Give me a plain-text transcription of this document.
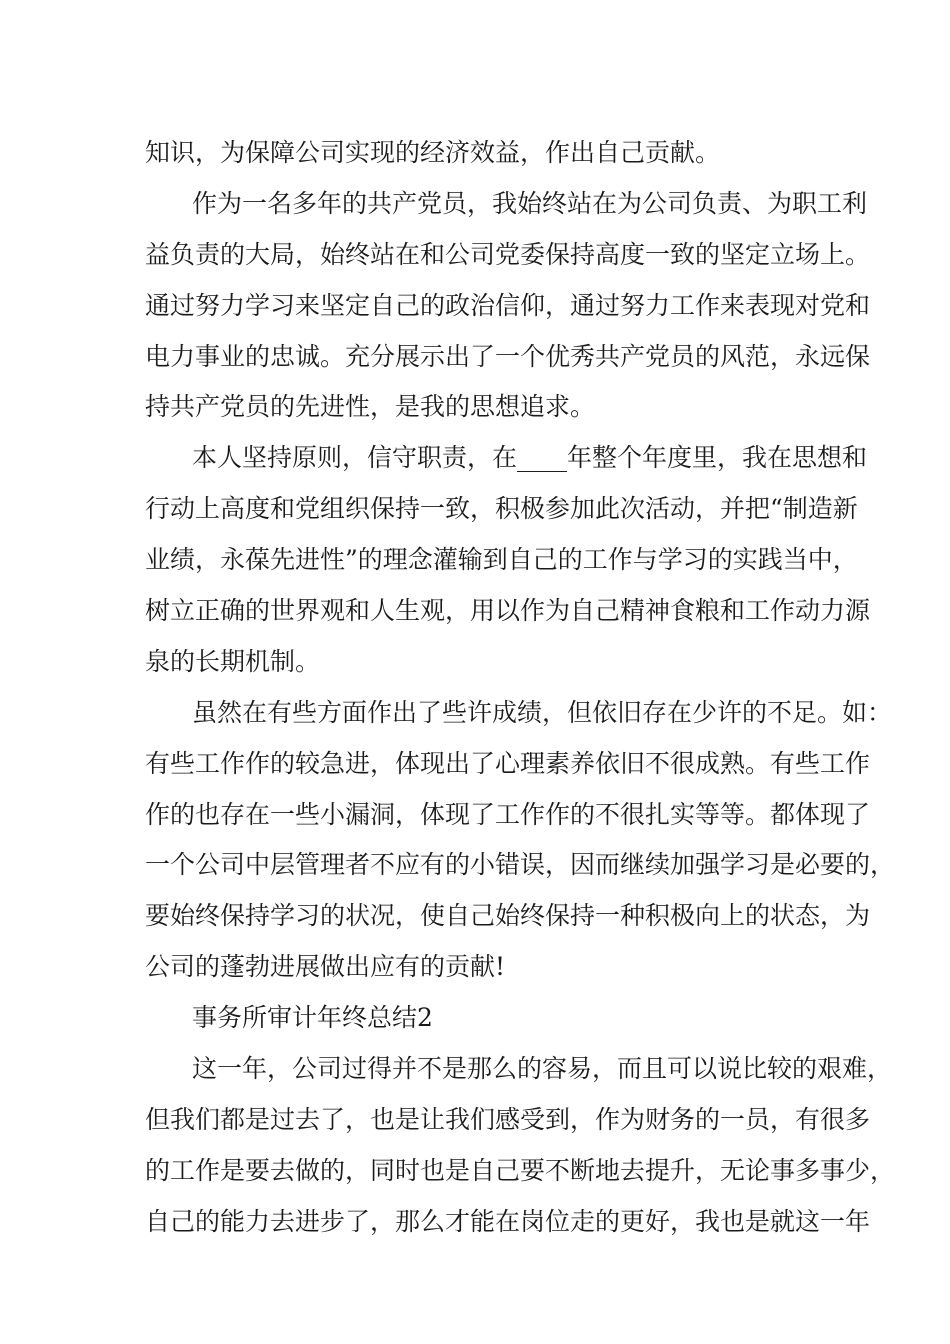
知识，为保障公司实现的经济效益，作出自己贡献。
作为一名多年的共产党员，我始终站在为公司负责、为职工利
益负责的大局，始终站在和公司党委保持高度一致的坚定立场上。
通过努力学习来坚定自己的政治信仰，通过努力工作来表现对党和
电力事业的忠诚。充分展示出了一个优秀共产党员的风范，永远保
持共产党员的先进性，是我的思想追求。
本人坚持原则，信守职责，在____年整个年度里，我在思想和
行动上高度和党组织保持一致，积极参加此次活动，并把“制造新
业绩，永葆先进性”的理念灌输到自己的工作与学习的实践当中，
树立正确的世界观和人生观，用以作为自己精神食粮和工作动力源
泉的长期机制。
虽然在有些方面作出了些许成绩，但依旧存在少许的不足。如：
有些工作作的较急进，体现出了心理素养依旧不很成熟。有些工作
作的也存在一些小漏洞，体现了工作作的不很扎实等等。都体现了
一个公司中层管理者不应有的小错误，因而继续加强学习是必要的，
要始终保持学习的状况，使自己始终保持一种积极向上的状态，为
公司的蓬勃进展做出应有的贡献!
事务所审计年终总结2
这一年，公司过得并不是那么的容易，而且可以说比较的艰难，
但我们都是过去了，也是让我们感受到，作为财务的一员，有很多
的工作是要去做的，同时也是自己要不断地去提升，无论事多事少，
自己的能力去进步了，那么才能在岗位走的更好，我也是就这一年
